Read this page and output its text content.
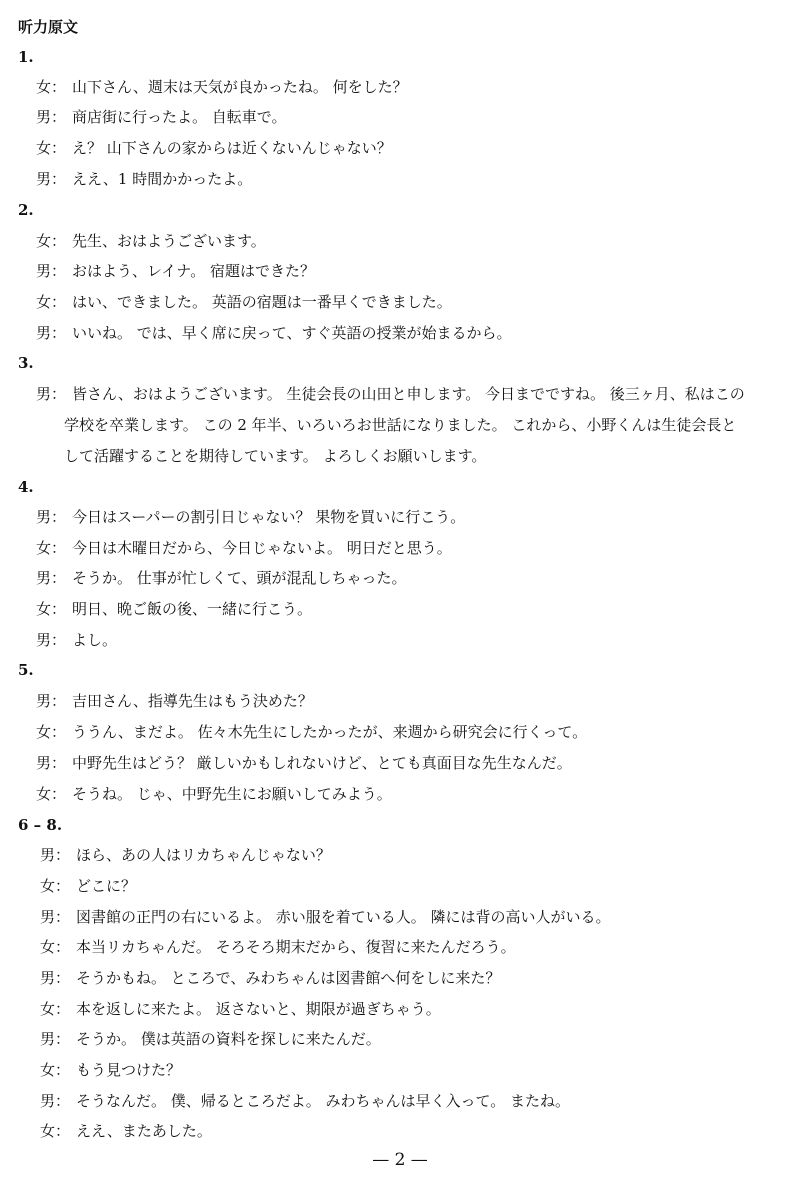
听力原文
1.
女： 山下さん、週末は天気が良かったね。 何をした？
男： 商店街に行ったよ。 自転車で。
女： え？ 山下さんの家からは近くないんじゃない？
男： ええ、1 時間かかったよ。
2.
女： 先生、おはようございます。
男： おはよう、レイナ。 宿題はできた？
女： はい、できました。 英語の宿題は一番早くできました。
男： いいね。 では、早く席に戻って、すぐ英語の授業が始まるから。
3.
男： 皆さん、おはようございます。 生徒会長の山田と申します。 今日までですね。 後三ヶ月、私はこの
学校を卒業します。 この 2 年半、いろいろお世話になりました。 これから、小野くんは生徒会長と
して活躍することを期待しています。 よろしくお願いします。
4.
男： 今日はスーパーの割引日じゃない？ 果物を買いに行こう。
女： 今日は木曜日だから、今日じゃないよ。 明日だと思う。
男： そうか。 仕事が忙しくて、頭が混乱しちゃった。
女： 明日、晩ご飯の後、一緒に行こう。
男： よし。
5.
男： 吉田さん、指導先生はもう決めた？
女： ううん、まだよ。 佐々木先生にしたかったが、来週から研究会に行くって。
男： 中野先生はどう？ 厳しいかもしれないけど、とても真面目な先生なんだ。
女： そうね。 じゃ、中野先生にお願いしてみよう。
6 – 8.
男： ほら、あの人はリカちゃんじゃない？
女： どこに？
男： 図書館の正門の右にいるよ。 赤い服を着ている人。 隣には背の高い人がいる。
女： 本当リカちゃんだ。 そろそろ期末だから、復習に来たんだろう。
男： そうかもね。 ところで、みわちゃんは図書館へ何をしに来た？
女： 本を返しに来たよ。 返さないと、期限が過ぎちゃう。
男： そうか。 僕は英語の資料を探しに来たんだ。
女： もう見つけた？
男： そうなんだ。 僕、帰るところだよ。 みわちゃんは早く入って。 またね。
女： ええ、またあした。
— 2 —
